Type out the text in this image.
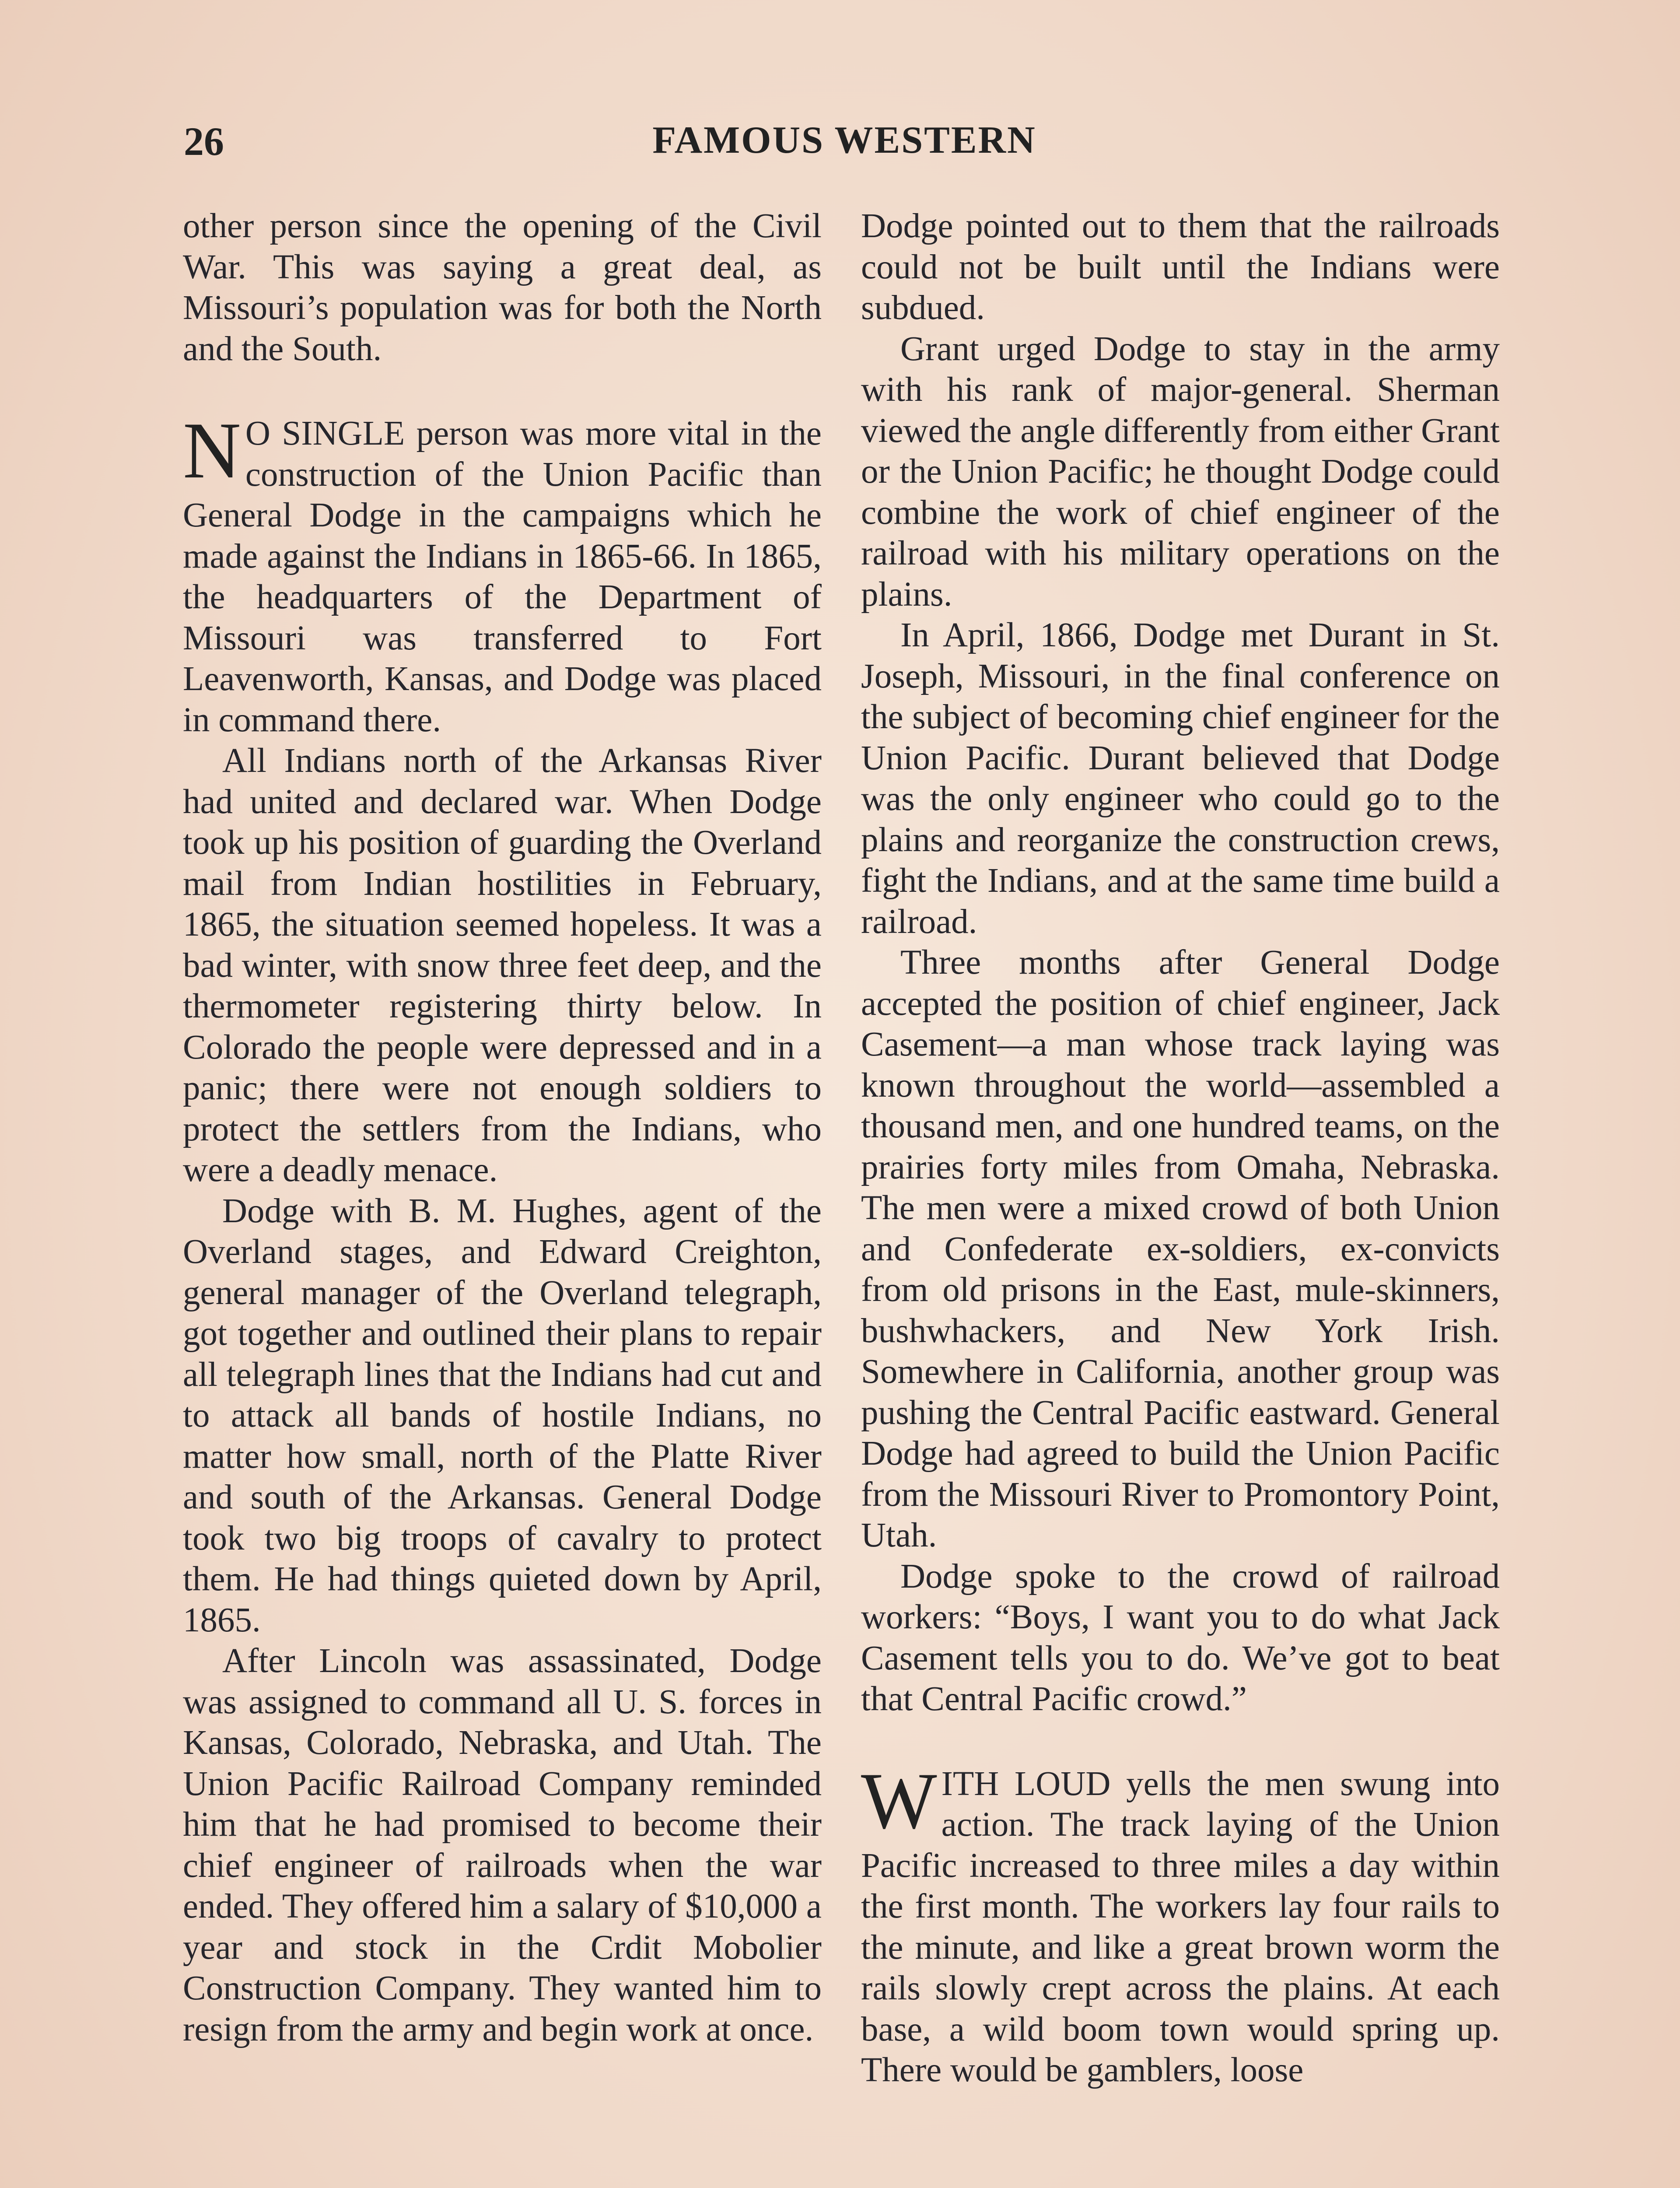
26	FAMOUS WESTERN

other person since the opening of the Civil War. This was saying a great deal, as Missouri’s population was for both the North and the South.

N O SINGLE person was more vital in the construction of the Union Pacific than General Dodge in the campaigns which he made against the Indians in 1865-66. In 1865, the headquarters of the Department of Missouri was transferred to Fort Leavenworth, Kansas, and Dodge was placed in command there.

All Indians north of the Arkansas River had united and declared war. When Dodge took up his position of guarding the Overland mail from Indian hostilities in February, 1865, the situation seemed hopeless. It was a bad winter, with snow three feet deep, and the thermometer registering thirty below. In Colorado the people were depressed and in a panic; there were not enough soldiers to protect the settlers from the Indians, who were a deadly menace.

Dodge with B. M. Hughes, agent of the Overland stages, and Edward Creighton, general manager of the Overland telegraph, got together and outlined their plans to repair all telegraph lines that the Indians had cut and to attack all bands of hostile Indians, no matter how small, north of the Platte River and south of the Arkansas. General Dodge took two big troops of cavalry to protect them. He had things quieted down by April, 1865.

After Lincoln was assassinated, Dodge was assigned to command all U. S. forces in Kansas, Colorado, Nebraska, and Utah. The Union Pacific Railroad Company reminded him that he had promised to become their chief engineer of railroads when the war ended. They offered him a salary of $10,000 a year and stock in the Crdit Mobolier Construction Company. They wanted him to resign from the army and begin work at once.

Dodge pointed out to them that the railroads could not be built until the Indians were subdued.

Grant urged Dodge to stay in the army with his rank of major-general. Sherman viewed the angle differently from either Grant or the Union Pacific; he thought Dodge could combine the work of chief engineer of the railroad with his military operations on the plains.

In April, 1866, Dodge met Durant in St. Joseph, Missouri, in the final conference on the subject of becoming chief engineer for the Union Pacific. Durant believed that Dodge was the only engineer who could go to the plains and reorganize the construction crews, fight the Indians, and at the same time build a railroad.

Three months after General Dodge accepted the position of chief engineer, Jack Casement—a man whose track laying was known throughout the world—assembled a thousand men, and one hundred teams, on the prairies forty miles from Omaha, Nebraska. The men were a mixed crowd of both Union and Confederate ex-soldiers, ex-convicts from old prisons in the East, mule-skinners, bushwhackers, and New York Irish. Somewhere in California, another group was pushing the Central Pacific eastward. General Dodge had agreed to build the Union Pacific from the Missouri River to Promontory Point, Utah.

Dodge spoke to the crowd of railroad workers: “Boys, I want you to do what Jack Casement tells you to do. We’ve got to beat that Central Pacific crowd.”

WITH LOUD yells the men swung into action. The track laying of the Union Pacific increased to three miles a day within the first month. The workers lay four rails to the minute, and like a great brown worm the rails slowly crept across the plains. At each base, a wild boom town would spring up. There would be gamblers, loose
